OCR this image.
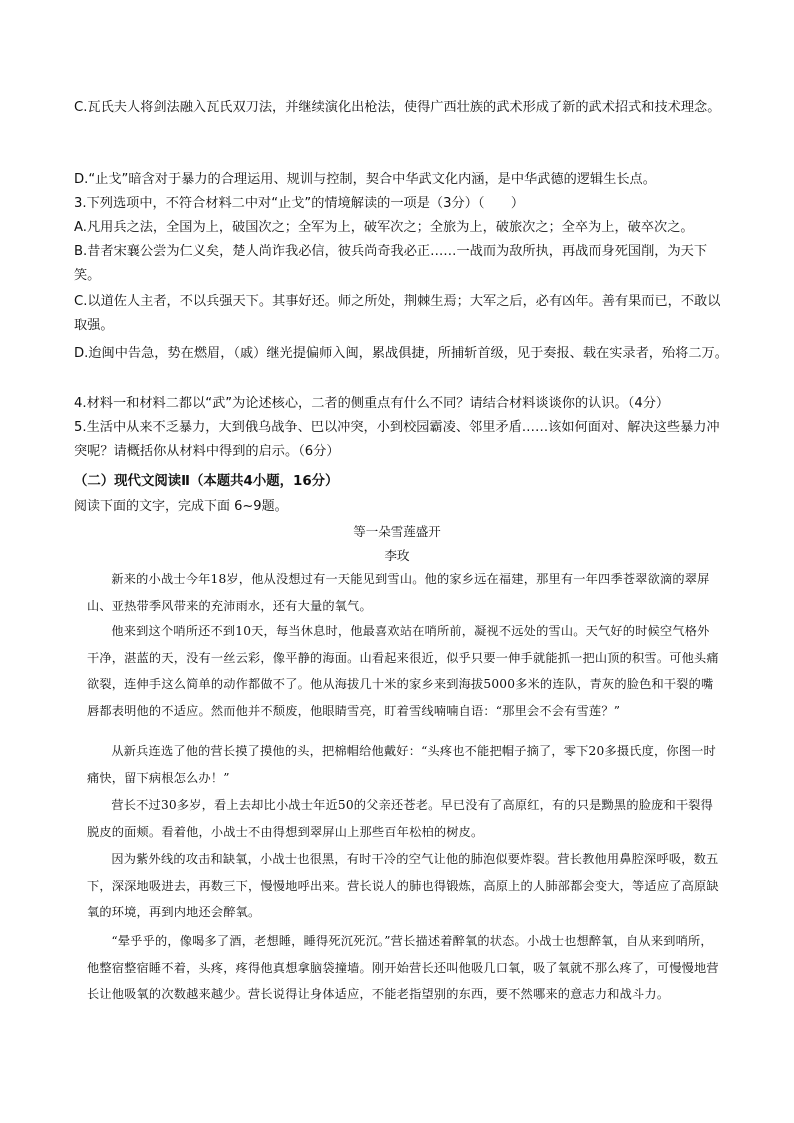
C.瓦氏夫人将剑法融入瓦氏双刀法，并继续演化出枪法，使得广西壮族的武术形成了新的武术招式和技术理念。
D.“止戈”暗含对于暴力的合理运用、规训与控制，契合中华武文化内涵，是中华武德的逻辑生长点。
3.下列选项中，不符合材料二中对“止戈”的情境解读的一项是（3分）（　　）
A.凡用兵之法，全国为上，破国次之；全军为上，破军次之；全旅为上，破旅次之；全卒为上，破卒次之。
B.昔者宋襄公尝为仁义矣，楚人尚诈我必信，彼兵尚奇我必正……一战而为敌所执，再战而身死国削，为天下笑。
C.以道佐人主者，不以兵强天下。其事好还。师之所处，荆棘生焉；大军之后，必有凶年。善有果而已，不敢以取强。
D.迨闽中告急，势在燃眉，（戚）继光提偏师入闽，累战俱捷，所捕斩首级，见于奏报、载在实录者，殆将二万。
4.材料一和材料二都以“武”为论述核心，二者的侧重点有什么不同？请结合材料谈谈你的认识。（4分）
5.生活中从来不乏暴力，大到俄乌战争、巴以冲突，小到校园霸凌、邻里矛盾……该如何面对、解决这些暴力冲突呢？请概括你从材料中得到的启示。（6分）
（二）现代文阅读Ⅱ（本题共4小题，16分）
阅读下面的文字，完成下面 6~9题。
等一朵雪莲盛开
李玫
新来的小战士今年18岁，他从没想过有一天能见到雪山。他的家乡远在福建，那里有一年四季苍翠欲滴的翠屏山、亚热带季风带来的充沛雨水，还有大量的氧气。
他来到这个哨所还不到10天，每当休息时，他最喜欢站在哨所前，凝视不远处的雪山。天气好的时候空气格外干净，湛蓝的天，没有一丝云彩，像平静的海面。山看起来很近，似乎只要一伸手就能抓一把山顶的积雪。可他头痛欲裂，连伸手这么简单的动作都做不了。他从海拔几十米的家乡来到海拔5000多米的连队，青灰的脸色和干裂的嘴唇都表明他的不适应。然而他并不颓废，他眼睛雪亮，盯着雪线喃喃自语：“那里会不会有雪莲？”
从新兵连选了他的营长摸了摸他的头，把棉帽给他戴好：“头疼也不能把帽子摘了，零下20多摄氏度，你图一时痛快，留下病根怎么办！”
营长不过30多岁，看上去却比小战士年近50的父亲还苍老。早已没有了高原红，有的只是黝黑的脸庞和干裂得脱皮的面颊。看着他，小战士不由得想到翠屏山上那些百年松柏的树皮。
因为紫外线的攻击和缺氧，小战士也很黑，有时干冷的空气让他的肺泡似要炸裂。营长教他用鼻腔深呼吸，数五下，深深地吸进去，再数三下，慢慢地呼出来。营长说人的肺也得锻炼，高原上的人肺部都会变大，等适应了高原缺氧的环境，再到内地还会醉氧。
“晕乎乎的，像喝多了酒，老想睡，睡得死沉死沉。”营长描述着醉氧的状态。小战士也想醉氧，自从来到哨所，他整宿整宿睡不着，头疼，疼得他真想拿脑袋撞墙。刚开始营长还叫他吸几口氧，吸了氧就不那么疼了，可慢慢地营长让他吸氧的次数越来越少。营长说得让身体适应，不能老指望别的东西，要不然哪来的意志力和战斗力。
